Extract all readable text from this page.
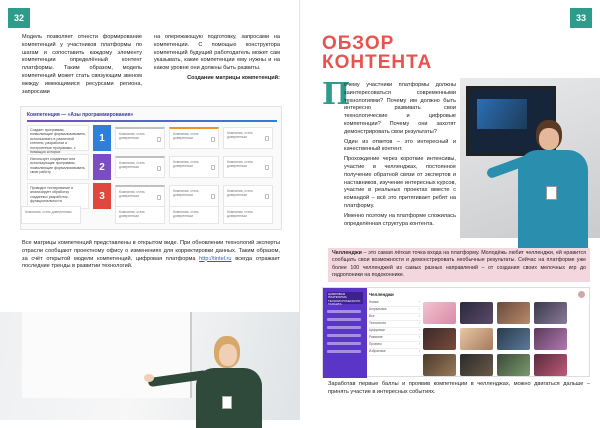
32

Модель позволяет отнести формирование компетенций у участников платформы по шагам и сопоставить каждому элементу компетенции определённый контент платформы. Таким образом, модель компетенций может стать связующим звеном между имеющимися ресурсами региона, запросами

на опережающую подготовку, запросами на компетенции. С помощью конструктора компетенций будущий работодатель может сам указывать, какие компетенции ему нужны и на каком уровне они должны быть развиты.

Создание матрицы компетенций:

Компетенция — «Азы программирования»
Создает программы, позволяющие формализовывать, использовать в различной степени, разработки и построенные программы, с помощью которых
1	Компания, стать доверенным
Компания, стать доверенным
Компания, стать доверенным
Использует созданные или использующие программы, позволяющие формализовывать свою работу	2	Компания, стать доверенным
Компания, стать доверенным
Компания, стать доверенным
Проводит тестирование и анализирует обработку созданных разработок, функциональности	3	Компания, стать доверенным
Компания, стать доверенным
Компания, стать доверенным
Компания, стать доверенным	Компания, стать доверенным
Компания, стать доверенным
Компания, стать доверенным
Все матрицы компетенций представлены в открытом виде. При обновлении технологий эксперты отрасли сообщают проектному офису о изменениях для корректировки данных. Таким образом, за счёт открытой модели компетенций, цифровая платформа http://tintel.ru всегда отражает последние тренды в развитии технологий.
33
ОБЗОР КОНТЕНТА
П

очему участники платформы должны заинтересоваться современными технологиями? Почему им должно быть интересно развивать свои технологические и цифровые компетенции? Почему они захотят демонстрировать свои результаты?

Один из ответов – это интересный и качественный контент.

Прохождение через короткие интенсивы, участие в челленджах, постоянное получение обратной связи от экспертов и наставников, изучение интересных курсов, участие в реальных проектах вместе с командой – всё это притягивает ребят на платформу.

Именно поэтому на платформе сложилась определённая структура контента.

Челленджи – это самая лёгкая точка входа на платформу. Молодёжь любит челленджи, ей нравится сообщать свои возможности и демонстрировать необычные результаты. Сейчас на платформе уже более 100 челленджей из самых разных направлений – от создания своих мелочных игр до гидропоники на подоконнике.
ЦИФРОВАЯ ПЛАТФОРМА ТЕХНОЛОГИЧЕСКОГО ТАЛАНТА
Челленджи
Новые ›
Актуальные ›
Все ›
Технологии ›
Цифровые ›
Развитие ›
Проекты ›
Избранные ›
Заработав первые баллы и проявив компетенции в челленджах, можно двигаться дальше – принять участие в интересных событиях.
